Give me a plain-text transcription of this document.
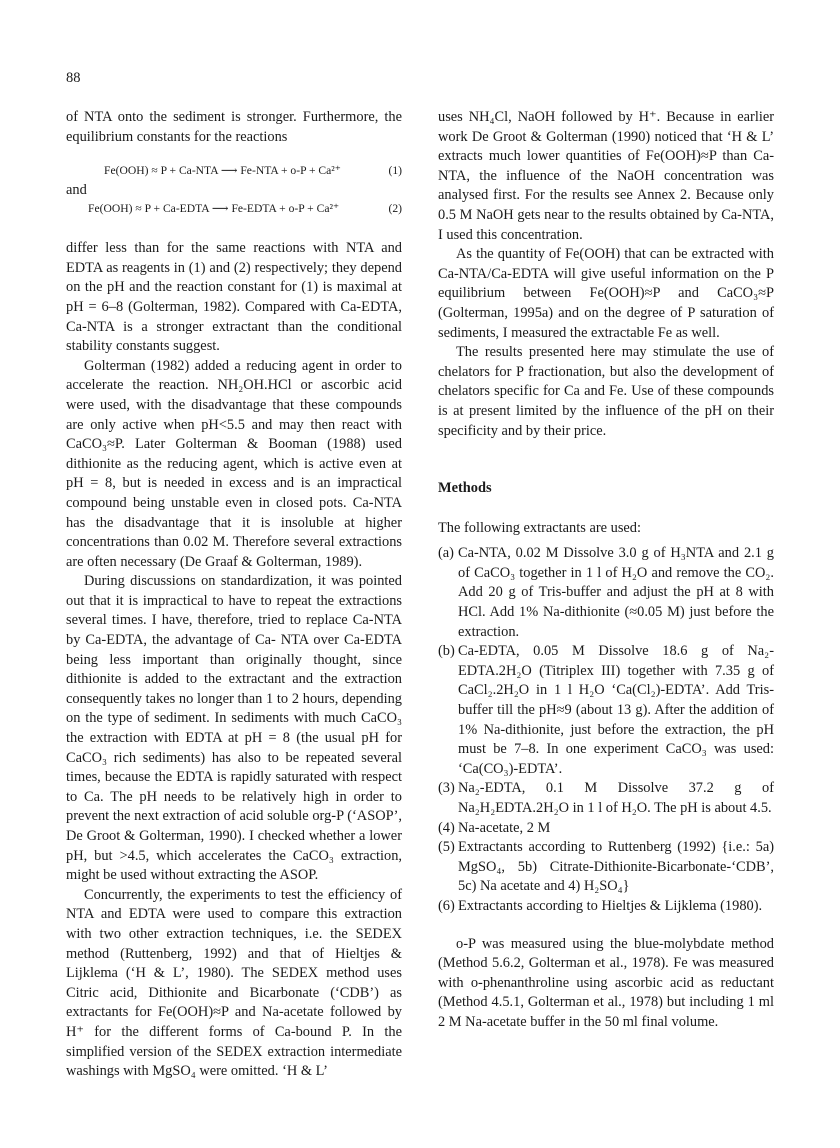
88

of NTA onto the sediment is stronger. Furthermore, the equilibrium constants for the reactions

Fe(OOH) ≈ P + Ca-NTA ⟶ Fe-NTA + o-P + Ca²⁺	(1)
and
Fe(OOH) ≈ P + Ca-EDTA ⟶ Fe-EDTA + o-P + Ca²⁺	(2)

differ less than for the same reactions with NTA and EDTA as reagents in (1) and (2) respectively; they depend on the pH and the reaction constant for (1) is maximal at pH = 6–8 (Golterman, 1982). Compared with Ca-EDTA, Ca-NTA is a stronger extractant than the conditional stability constants suggest.

Golterman (1982) added a reducing agent in order to accelerate the reaction. NH₂OH.HCl or ascorbic acid were used, with the disadvantage that these compounds are only active when pH<5.5 and may then react with CaCO₃≈P. Later Golterman & Booman (1988) used dithionite as the reducing agent, which is active even at pH = 8, but is needed in excess and is an impractical compound being unstable even in closed pots. Ca-NTA has the disadvantage that it is insoluble at higher concentrations than 0.02 M. Therefore several extractions are often necessary (De Graaf & Golterman, 1989).

During discussions on standardization, it was pointed out that it is impractical to have to repeat the extractions several times. I have, therefore, tried to replace Ca-NTA by Ca-EDTA, the advantage of Ca- NTA over Ca-EDTA being less important than originally thought, since dithionite is added to the extractant and the extraction consequently takes no longer than 1 to 2 hours, depending on the type of sediment. In sediments with much CaCO₃ the extraction with EDTA at pH = 8 (the usual pH for CaCO₃ rich sediments) has also to be repeated several times, because the EDTA is rapidly saturated with respect to Ca. The pH needs to be relatively high in order to prevent the next extraction of acid soluble org-P (‘ASOP’, De Groot & Golterman, 1990). I checked whether a lower pH, but >4.5, which accelerates the CaCO₃ extraction, might be used without extracting the ASOP.

Concurrently, the experiments to test the efficiency of NTA and EDTA were used to compare this extraction with two other extraction techniques, i.e. the SEDEX method (Ruttenberg, 1992) and that of Hieltjes & Lijklema (‘H & L’, 1980). The SEDEX method uses Citric acid, Dithionite and Bicarbonate (‘CDB’) as extractants for Fe(OOH)≈P and Na-acetate followed by H⁺ for the different forms of Ca-bound P. In the simplified version of the SEDEX extraction intermediate washings with MgSO₄ were omitted. ‘H & L’

uses NH₄Cl, NaOH followed by H⁺. Because in earlier work De Groot & Golterman (1990) noticed that ‘H & L’ extracts much lower quantities of Fe(OOH)≈P than Ca-NTA, the influence of the NaOH concentration was analysed first. For the results see Annex 2. Because only 0.5 M NaOH gets near to the results obtained by Ca-NTA, I used this concentration.

As the quantity of Fe(OOH) that can be extracted with Ca-NTA/Ca-EDTA will give useful information on the P equilibrium between Fe(OOH)≈P and CaCO₃≈P (Golterman, 1995a) and on the degree of P saturation of sediments, I measured the extractable Fe as well.

The results presented here may stimulate the use of chelators for P fractionation, but also the development of chelators specific for Ca and Fe. Use of these compounds is at present limited by the influence of the pH on their specificity and by their price.

Methods

The following extractants are used:

(a) Ca-NTA, 0.02 M Dissolve 3.0 g of H₃NTA and 2.1 g of CaCO₃ together in 1 l of H₂O and remove the CO₂. Add 20 g of Tris-buffer and adjust the pH at 8 with HCl. Add 1% Na-dithionite (≈0.05 M) just before the extraction.
(b) Ca-EDTA, 0.05 M Dissolve 18.6 g of Na₂-EDTA.2H₂O (Titriplex III) together with 7.35 g of CaCl₂.2H₂O in 1 l H₂O ‘Ca(Cl₂)-EDTA’. Add Tris-buffer till the pH≈9 (about 13 g). After the addition of 1% Na-dithionite, just before the extraction, the pH must be 7–8. In one experiment CaCO₃ was used: ‘Ca(CO₃)-EDTA’.
(3) Na₂-EDTA, 0.1 M Dissolve 37.2 g of Na₂H₂EDTA.2H₂O in 1 l of H₂O. The pH is about 4.5.
(4) Na-acetate, 2 M
(5) Extractants according to Ruttenberg (1992) {i.e.: 5a) MgSO₄, 5b) Citrate-Dithionite-Bicarbonate-‘CDB’, 5c) Na acetate and 4) H₂SO₄}
(6) Extractants according to Hieltjes & Lijklema (1980).

o-P was measured using the blue-molybdate method (Method 5.6.2, Golterman et al., 1978). Fe was measured with o-phenanthroline using ascorbic acid as reductant (Method 4.5.1, Golterman et al., 1978) but including 1 ml 2 M Na-acetate buffer in the 50 ml final volume.
